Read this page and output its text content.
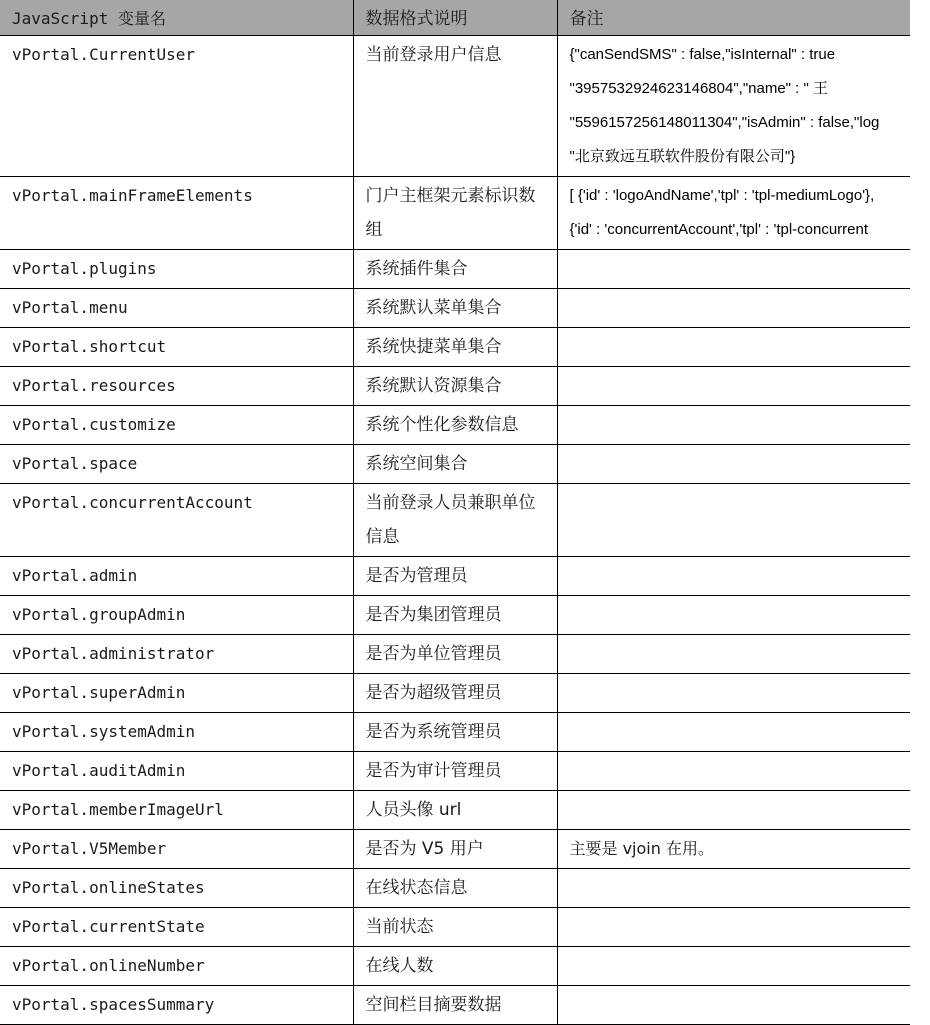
JavaScript 变量名	数据格式说明	备注

vPortal.CurrentUser	当前登录用户信息	{"canSendSMS" : false,"isInternal" : true
"3957532924623146804","name" : " 王
"5596157256148011304","isAdmin" : false,"log
"北京致远互联软件股份有限公司"}

vPortal.mainFrameElements	门户主框架元素标识数组	[ {'id' : 'logoAndName','tpl' : 'tpl-mediumLogo'},
{'id' : 'concurrentAccount','tpl' : 'tpl-concurrent

vPortal.plugins	系统插件集合	

vPortal.menu	系统默认菜单集合	

vPortal.shortcut	系统快捷菜单集合	

vPortal.resources	系统默认资源集合	

vPortal.customize	系统个性化参数信息	

vPortal.space	系统空间集合	

vPortal.concurrentAccount	当前登录人员兼职单位信息	

vPortal.admin	是否为管理员	

vPortal.groupAdmin	是否为集团管理员	

vPortal.administrator	是否为单位管理员	

vPortal.superAdmin	是否为超级管理员	

vPortal.systemAdmin	是否为系统管理员	

vPortal.auditAdmin	是否为审计管理员	

vPortal.memberImageUrl	人员头像 url	

vPortal.V5Member	是否为 V5 用户	主要是 vjoin 在用。

vPortal.onlineStates	在线状态信息	

vPortal.currentState	当前状态	

vPortal.onlineNumber	在线人数	

vPortal.spacesSummary	空间栏目摘要数据	
